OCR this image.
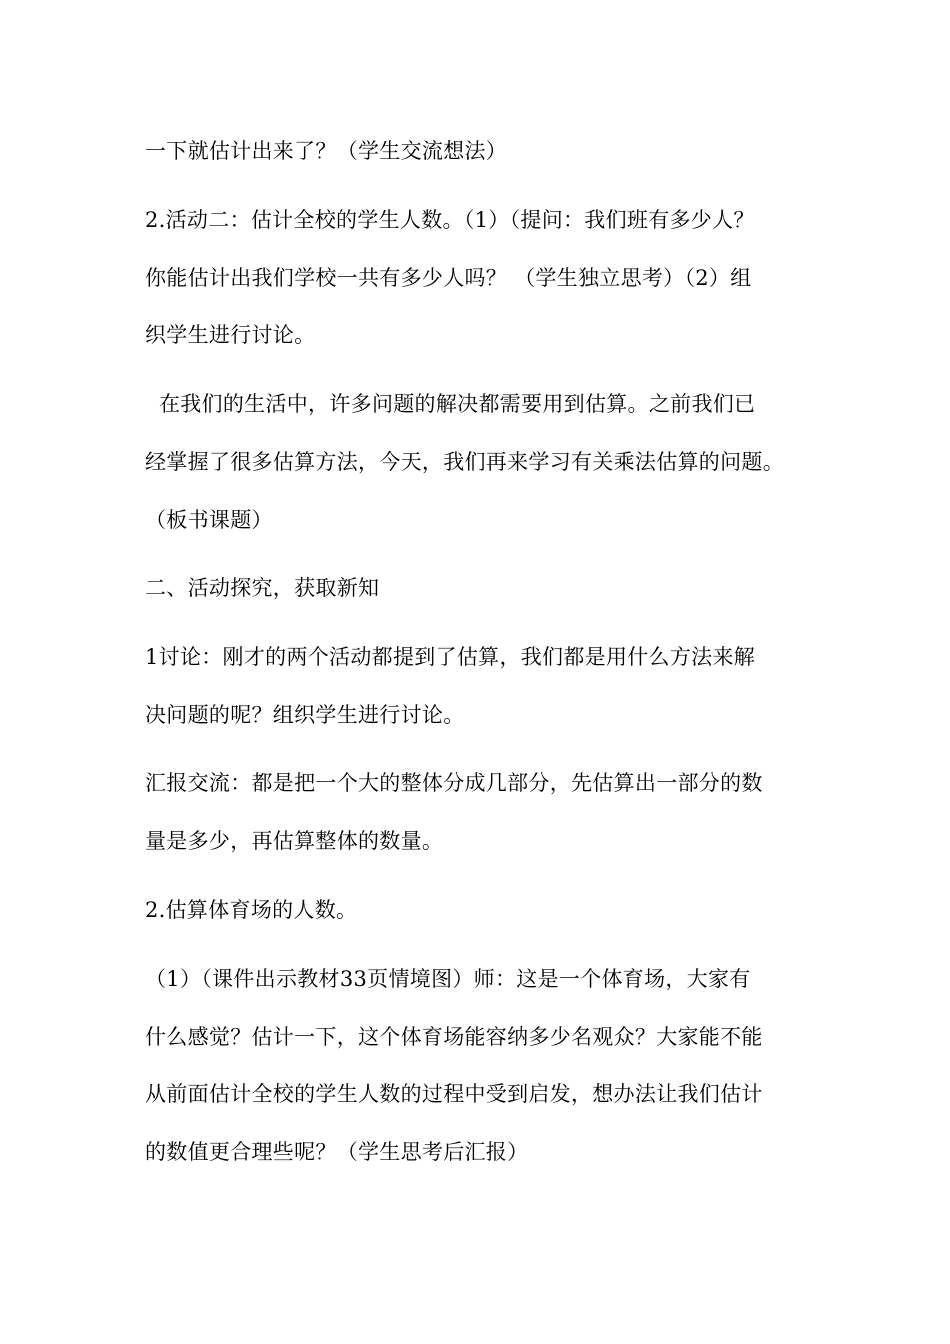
一下就估计出来了？（学生交流想法）
2.活动二：估计全校的学生人数。（1）（提问：我们班有多少人？
你能估计出我们学校一共有多少人吗？ （学生独立思考）（2）组
织学生进行讨论。
在我们的生活中，许多问题的解决都需要用到估算。之前我们已
经掌握了很多估算方法，今天，我们再来学习有关乘法估算的问题。
（板书课题）
二、活动探究，获取新知
1讨论：刚才的两个活动都提到了估算，我们都是用什么方法来解
决问题的呢？组织学生进行讨论。
汇报交流：都是把一个大的整体分成几部分，先估算出一部分的数
量是多少，再估算整体的数量。
2.估算体育场的人数。
（1）（课件出示教材33页情境图）师：这是一个体育场，大家有
什么感觉？估计一下，这个体育场能容纳多少名观众？大家能不能
从前面估计全校的学生人数的过程中受到启发，想办法让我们估计
的数值更合理些呢？（学生思考后汇报）
